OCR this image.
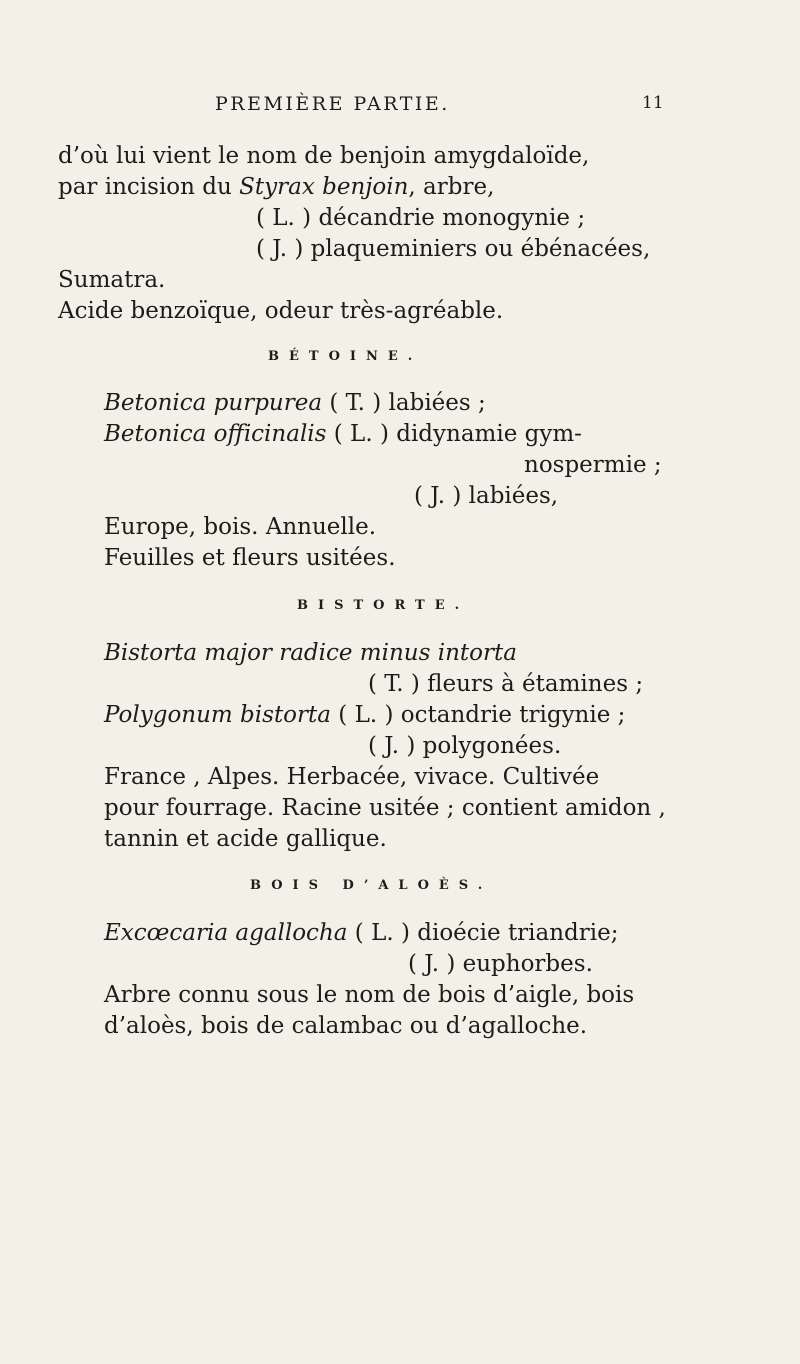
PREMIÈRE PARTIE.	11
d’où lui vient le nom de benjoin amygdaloïde,
par incision du Styrax benjoin, arbre,
( L. ) décandrie monogynie ;
( J. ) plaqueminiers ou ébénacées,
Sumatra.
Acide benzoïque, odeur très-agréable.
BÉTOINE.
Betonica purpurea ( T. ) labiées ;
Betonica officinalis ( L. ) didynamie gym-
nospermie ;
( J. ) labiées,
Europe, bois. Annuelle.
Feuilles et fleurs usitées.
BISTORTE.
Bistorta major radice minus intorta
( T. ) fleurs à étamines ;
Polygonum bistorta ( L. ) octandrie trigynie ;
( J. ) polygonées.
France , Alpes. Herbacée, vivace. Cultivée
pour fourrage. Racine usitée ; contient amidon ,
tannin et acide gallique.
BOIS D’ALOÈS.
Excœcaria agallocha ( L. ) dioécie triandrie;
( J. ) euphorbes.
Arbre connu sous le nom de bois d’aigle, bois
d’aloès, bois de calambac ou d’agalloche.
